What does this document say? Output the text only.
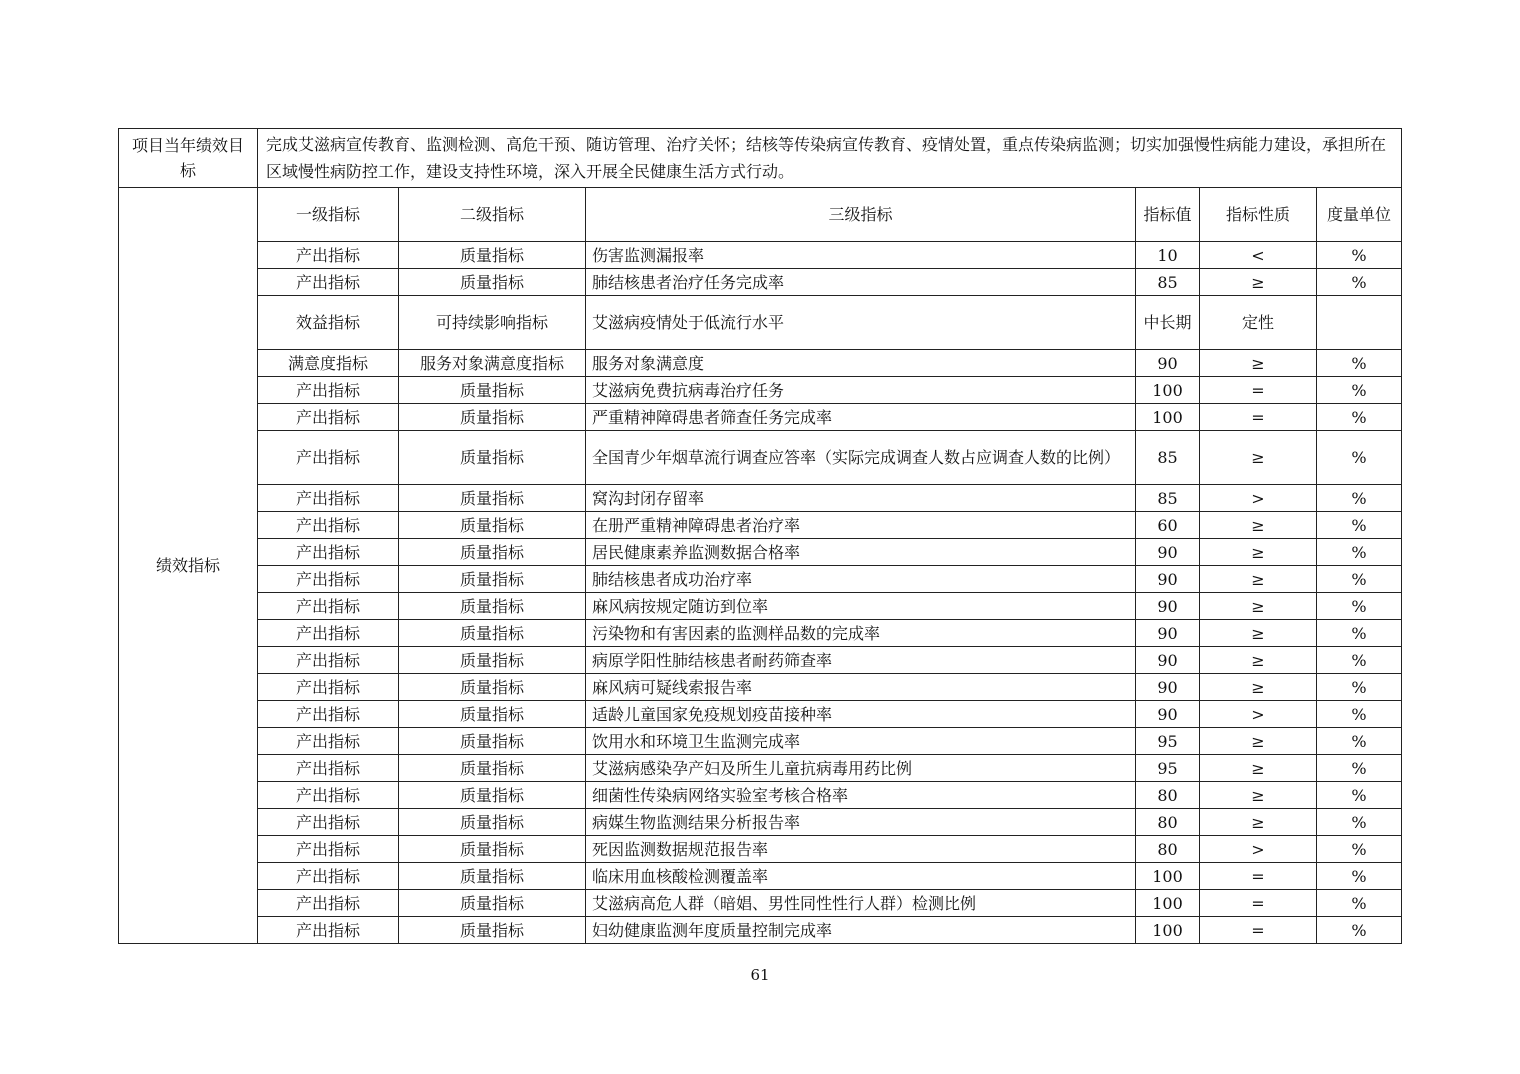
项目当年绩效目标	完成艾滋病宣传教育、监测检测、高危干预、随访管理、治疗关怀；结核等传染病宣传教育、疫情处置，重点传染病监测；切实加强慢性病能力建设，承担所在区域慢性病防控工作，建设支持性环境，深入开展全民健康生活方式行动。					
绩效指标	一级指标	二级指标	三级指标	指标值	指标性质	度量单位
	产出指标	质量指标	伤害监测漏报率	10	<	%
	产出指标	质量指标	肺结核患者治疗任务完成率	85	≥	%
	效益指标	可持续影响指标	艾滋病疫情处于低流行水平	中长期	定性	
	满意度指标	服务对象满意度指标	服务对象满意度	90	≥	%
	产出指标	质量指标	艾滋病免费抗病毒治疗任务	100	=	%
	产出指标	质量指标	严重精神障碍患者筛查任务完成率	100	=	%
	产出指标	质量指标	全国青少年烟草流行调查应答率（实际完成调查人数占应调查人数的比例）	85	≥	%
	产出指标	质量指标	窝沟封闭存留率	85	>	%
	产出指标	质量指标	在册严重精神障碍患者治疗率	60	≥	%
	产出指标	质量指标	居民健康素养监测数据合格率	90	≥	%
	产出指标	质量指标	肺结核患者成功治疗率	90	≥	%
	产出指标	质量指标	麻风病按规定随访到位率	90	≥	%
	产出指标	质量指标	污染物和有害因素的监测样品数的完成率	90	≥	%
	产出指标	质量指标	病原学阳性肺结核患者耐药筛查率	90	≥	%
	产出指标	质量指标	麻风病可疑线索报告率	90	≥	%
	产出指标	质量指标	适龄儿童国家免疫规划疫苗接种率	90	>	%
	产出指标	质量指标	饮用水和环境卫生监测完成率	95	≥	%
	产出指标	质量指标	艾滋病感染孕产妇及所生儿童抗病毒用药比例	95	≥	%
	产出指标	质量指标	细菌性传染病网络实验室考核合格率	80	≥	%
	产出指标	质量指标	病媒生物监测结果分析报告率	80	≥	%
	产出指标	质量指标	死因监测数据规范报告率	80	>	%
	产出指标	质量指标	临床用血核酸检测覆盖率	100	=	%
	产出指标	质量指标	艾滋病高危人群（暗娼、男性同性性行人群）检测比例	100	=	%
	产出指标	质量指标	妇幼健康监测年度质量控制完成率	100	=	%
61
